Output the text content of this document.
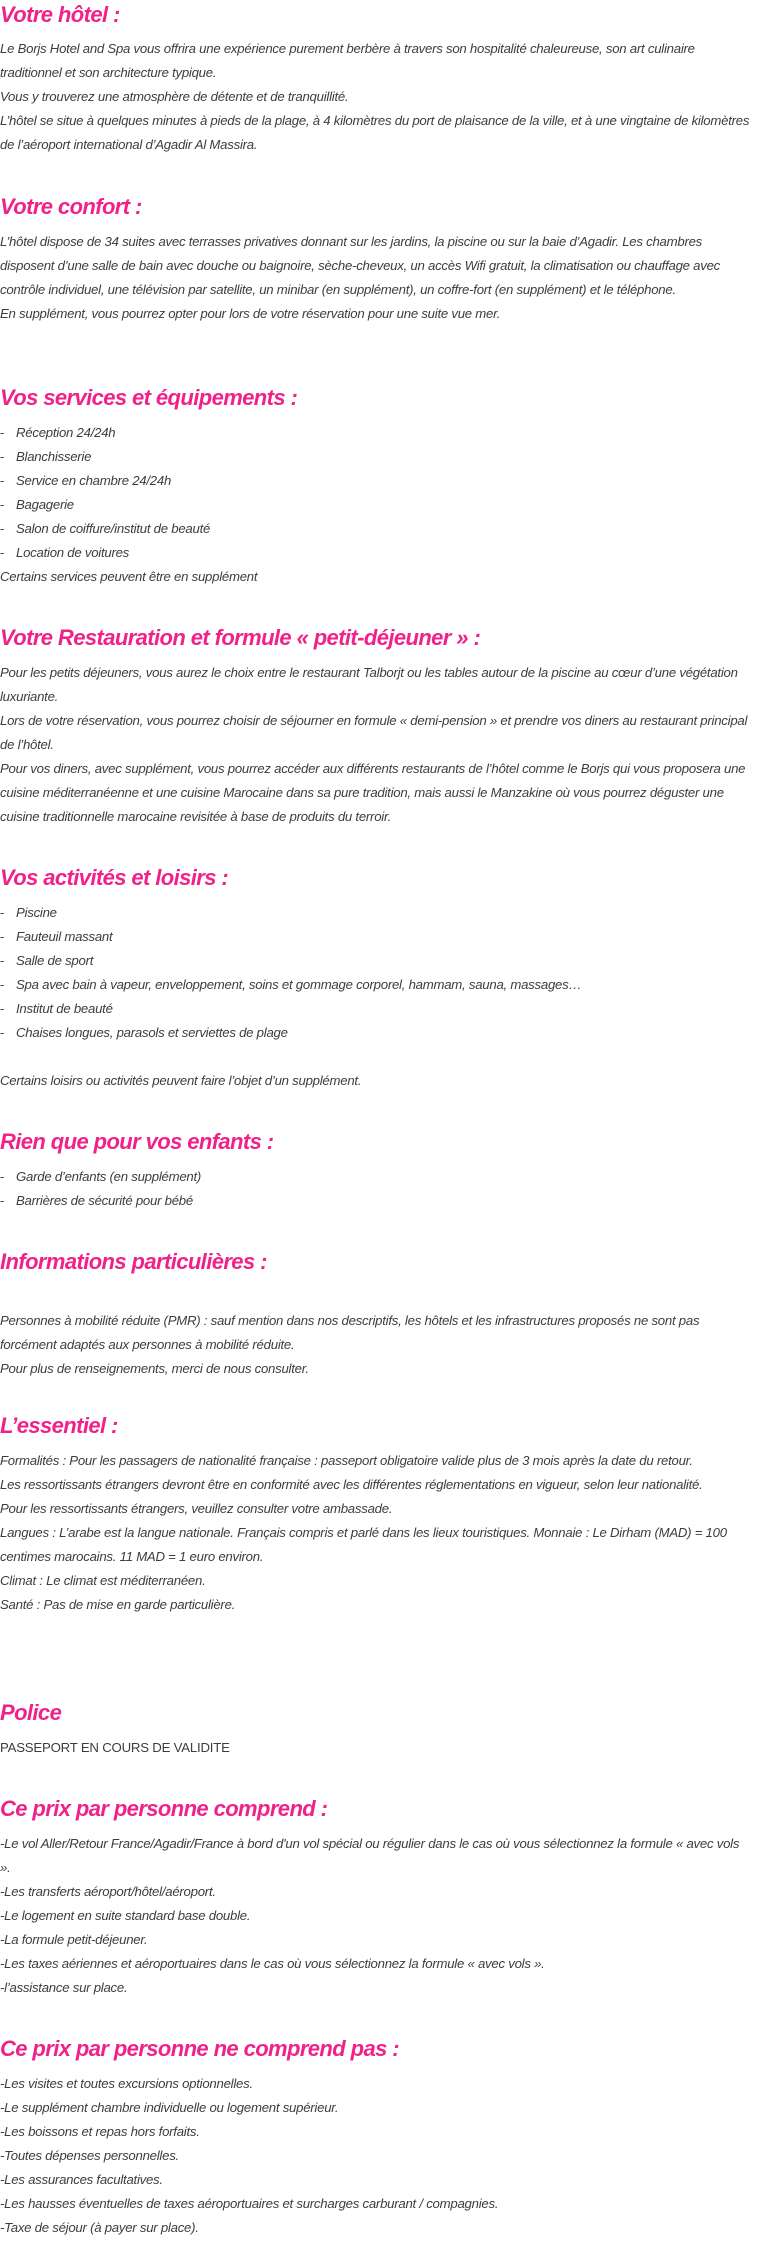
Votre hôtel :

Le Borjs Hotel and Spa vous offrira une expérience purement berbère à travers son hospitalité chaleureuse, son art culinaire traditionnel et son architecture typique.

Vous y trouverez une atmosphère de détente et de tranquillité.

L’hôtel se situe à quelques minutes à pieds de la plage, à 4 kilomètres du port de plaisance de la ville, et à une vingtaine de kilomètres de l’aéroport international d’Agadir Al Massira.

Votre confort :

L’hôtel dispose de 34 suites avec terrasses privatives donnant sur les jardins, la piscine ou sur la baie d’Agadir. Les chambres disposent d’une salle de bain avec douche ou baignoire, sèche-cheveux, un accès Wifi gratuit, la climatisation ou chauffage avec contrôle individuel, une télévision par satellite, un minibar (en supplément), un coffre-fort (en supplément) et le téléphone.

En supplément, vous pourrez opter pour lors de votre réservation pour une suite vue mer.

Vos services et équipements :
- Réception 24/24h
- Blanchisserie
- Service en chambre 24/24h
- Bagagerie
- Salon de coiffure/institut de beauté
- Location de voitures

Certains services peuvent être en supplément

Votre Restauration et formule « petit-déjeuner » :

Pour les petits déjeuners, vous aurez le choix entre le restaurant Talborjt ou les tables autour de la piscine au cœur d’une végétation luxuriante.

Lors de votre réservation, vous pourrez choisir de séjourner en formule « demi-pension » et prendre vos diners au restaurant principal de l’hôtel.

Pour vos diners, avec supplément, vous pourrez accéder aux différents restaurants de l’hôtel comme le Borjs qui vous proposera une cuisine méditerranéenne et une cuisine Marocaine dans sa pure tradition, mais aussi le Manzakine où vous pourrez déguster une cuisine traditionnelle marocaine revisitée à base de produits du terroir.

Vos activités et loisirs :
- Piscine
- Fauteuil massant
- Salle de sport
- Spa avec bain à vapeur, enveloppement, soins et gommage corporel, hammam, sauna, massages…
- Institut de beauté
- Chaises longues, parasols et serviettes de plage

Certains loisirs ou activités peuvent faire l’objet d’un supplément.

Rien que pour vos enfants :
- Garde d’enfants (en supplément)
- Barrières de sécurité pour bébé
Informations particulières :

Personnes à mobilité réduite (PMR) : sauf mention dans nos descriptifs, les hôtels et les infrastructures proposés ne sont pas forcément adaptés aux personnes à mobilité réduite.

Pour plus de renseignements, merci de nous consulter.

L’essentiel :

Formalités : Pour les passagers de nationalité française : passeport obligatoire valide plus de 3 mois après la date du retour.

Les ressortissants étrangers devront être en conformité avec les différentes réglementations en vigueur, selon leur nationalité.

Pour les ressortissants étrangers, veuillez consulter votre ambassade.

Langues : L’arabe est la langue nationale. Français compris et parlé dans les lieux touristiques. Monnaie : Le Dirham (MAD) = 100 centimes marocains. 11 MAD = 1 euro environ.

Climat : Le climat est méditerranéen.

Santé : Pas de mise en garde particulière.

Police

PASSEPORT EN COURS DE VALIDITE

Ce prix par personne comprend :

-Le vol Aller/Retour France/Agadir/France à bord d'un vol spécial ou régulier dans le cas où vous sélectionnez la formule « avec vols ».

-Les transferts aéroport/hôtel/aéroport.

-Le logement en suite standard base double.

-La formule petit-déjeuner.

-Les taxes aériennes et aéroportuaires dans le cas où vous sélectionnez la formule « avec vols ».

-l’assistance sur place.

Ce prix par personne ne comprend pas :

-Les visites et toutes excursions optionnelles.

-Le supplément chambre individuelle ou logement supérieur.

-Les boissons et repas hors forfaits.

-Toutes dépenses personnelles.

-Les assurances facultatives.

-Les hausses éventuelles de taxes aéroportuaires et surcharges carburant / compagnies.

-Taxe de séjour (à payer sur place).
